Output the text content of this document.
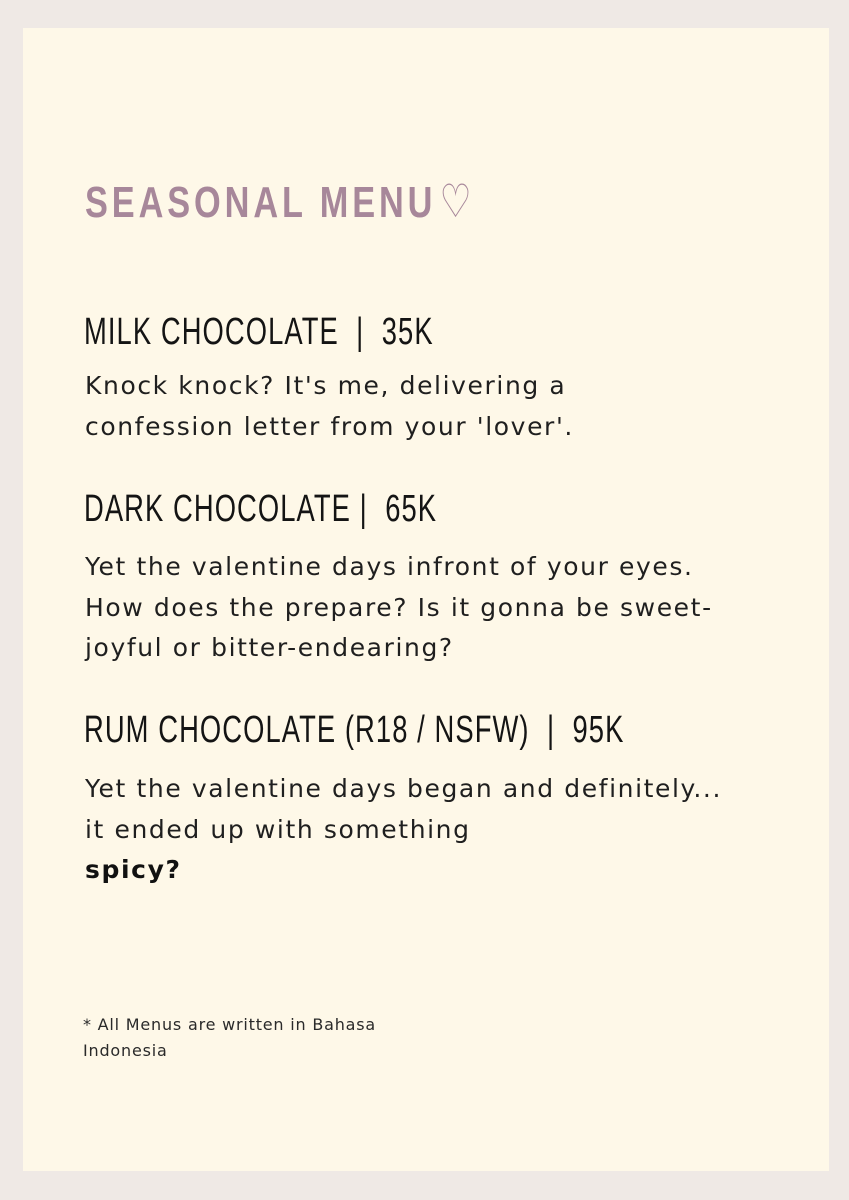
SEASONAL MENU♡
MILK CHOCOLATE  |  35K

Knock knock? It's me, delivering a confession letter from your 'lover'.

DARK CHOCOLATE |  65K

Yet the valentine days infront of your eyes. How does the prepare? Is it gonna be sweet-joyful or bitter-endearing?

RUM CHOCOLATE (R18 / NSFW)  |  95K

Yet the valentine days began and definitely... it ended up with something
spicy?

* All Menus are written in Bahasa Indonesia
